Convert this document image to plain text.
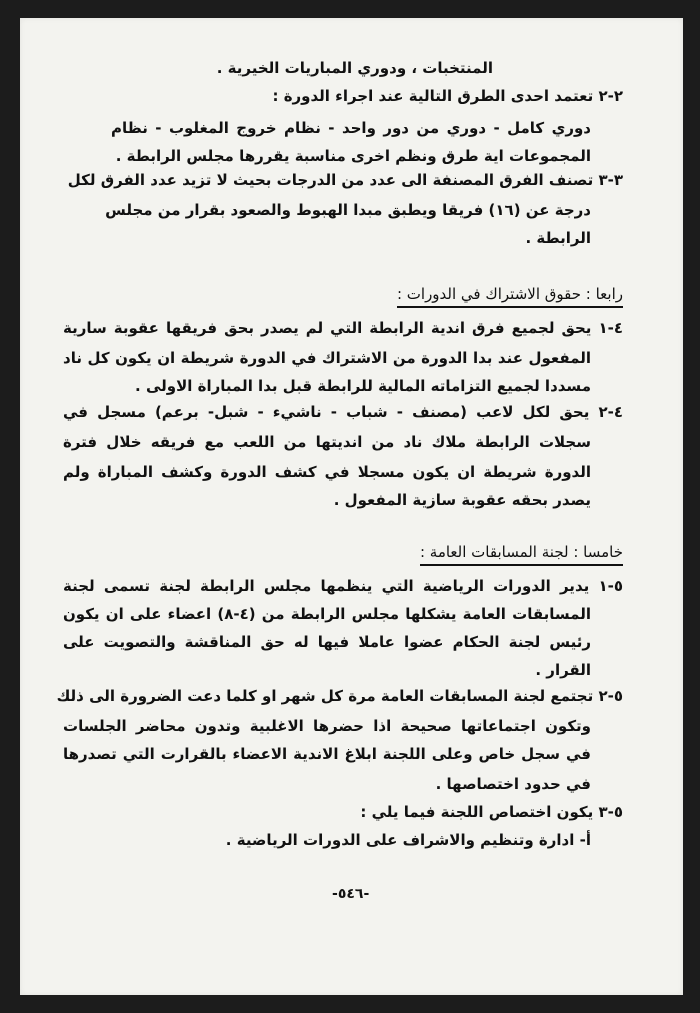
المنتخبات ، ودوري المباريات الخيرية .
٢-٢ تعتمد احدى الطرق التالية عند اجراء الدورة :
دوري كامل - دوري من دور واحد - نظام خروج المغلوب - نظام
المجموعات اية طرق ونظم اخرى مناسبة يقررها مجلس الرابطة .
٣-٣ تصنف الفرق المصنفة الى عدد من الدرجات بحيث لا تزيد عدد الفرق لكل
درجة عن (١٦) فريقا ويطبق مبدا الهبوط والصعود بقرار من مجلس
الرابطة .
رابعا : حقوق الاشتراك في الدورات :
٤-١ يحق لجميع فرق اندية الرابطة التي لم يصدر بحق فريقها عقوبة سارية
المفعول عند بدا الدورة من الاشتراك في الدورة شريطة ان يكون كل ناد
مسددا لجميع التزاماته المالية للرابطة قبل بدا المباراة الاولى .
٤-٢ يحق لكل لاعب (مصنف - شباب - ناشيء - شبل- برعم) مسجل في
سجلات الرابطة ملاك ناد من انديتها من اللعب مع فريقه خلال فترة
الدورة شريطة ان يكون مسجلا في كشف الدورة وكشف المباراة ولم
يصدر بحقه عقوبة سازية المفعول .
خامسا : لجنة المسابقات العامة :
٥-١ يدير الدورات الرياضية التي ينظمها مجلس الرابطة لجنة تسمى لجنة
المسابقات العامة يشكلها مجلس الرابطة من (٤-٨) اعضاء على ان يكون
رئيس لجنة الحكام عضوا عاملا فيها له حق المناقشة والتصويت على
القرار .
٥-٢ تجتمع لجنة المسابقات العامة مرة كل شهر او كلما دعت الضرورة الى ذلك
وتكون اجتماعاتها صحيحة اذا حضرها الاغلبية وتدون محاضر الجلسات
في سجل خاص وعلى اللجنة ابلاغ الاندية الاعضاء بالقرارت التي تصدرها
في حدود اختصاصها .
٥-٣ يكون اختصاص اللجنة فيما يلي :
أ- ادارة وتنظيم والاشراف على الدورات الرياضية .
-٥٤٦-
